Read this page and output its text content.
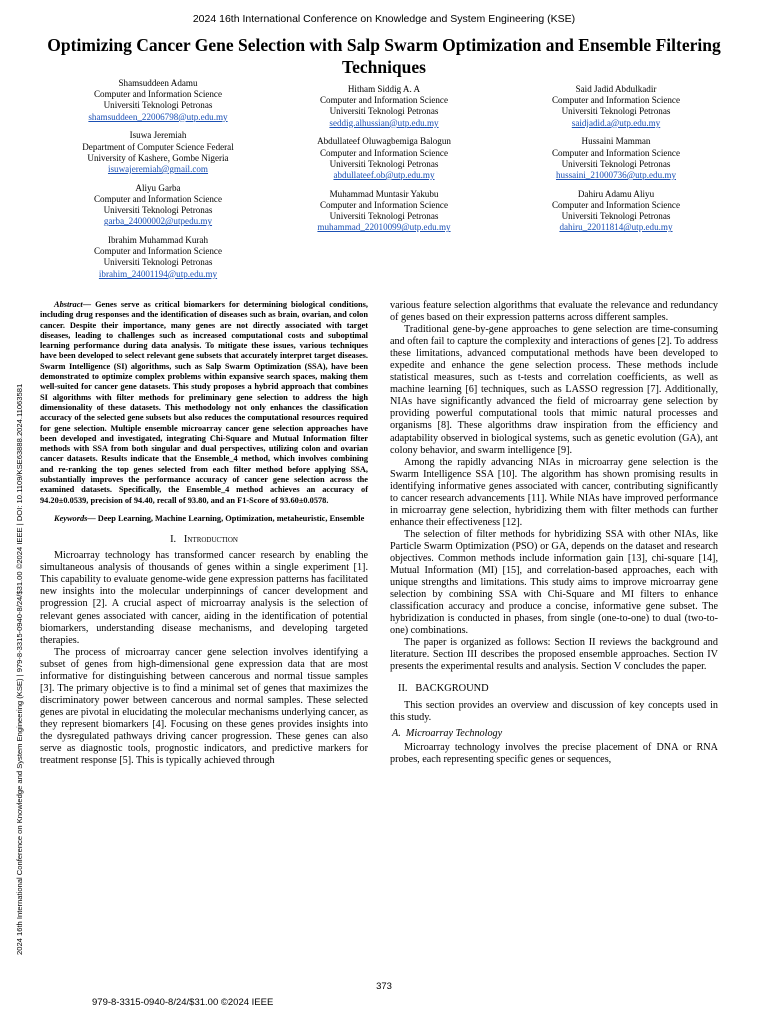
2024 16th International Conference on Knowledge and System Engineering (KSE)
Optimizing Cancer Gene Selection with Salp Swarm Optimization and Ensemble Filtering Techniques
Shamsuddeen Adamu
Computer and Information Science
Universiti Teknologi Petronas
shamsuddeen_22006798@utp.edu.my
Isuwa Jeremiah
Department of Computer Science Federal
University of Kashere, Gombe Nigeria
isuwajeremiah@gmail.com
Aliyu Garba
Computer and Information Science
Universiti Teknologi Petronas
garba_24000002@utpedu.my
Ibrahim Muhammad Kurah
Computer and Information Science
Universiti Teknologi Petronas
ibrahim_24001194@utp.edu.my
Hitham Siddig A. A
Computer and Information Science
Universiti Teknologi Petronas
seddig.alhussian@utp.edu.my
Abdullateef Oluwagbemiga Balogun
Computer and Information Science
Universiti Teknologi Petronas
abdullateef.ob@utp.edu.my
Muhammad Muntasir Yakubu
Computer and Information Science
Universiti Teknologi Petronas
muhammad_22010099@utp.edu.my
Said Jadid Abdulkadir
Computer and Information Science
Universiti Teknologi Petronas
saidjadid.a@utp.edu.my
Hussaini Mamman
Computer and Information Science
Universiti Teknologi Petronas
hussaini_21000736@utp.edu.my
Dahiru Adamu Aliyu
Computer and Information Science
Universiti Teknologi Petronas
dahiru_22011814@utp.edu.my
2024 16th International Conference on Knowledge and System Engineering (KSE) | 979-8-3315-0940-8/24/$31.00 ©2024 IEEE | DOI: 10.1109/KSE63888.2024.11063581

Abstract— Genes serve as critical biomarkers for determining biological conditions, including drug responses and the identification of diseases such as brain, ovarian, and colon cancer. Despite their importance, many genes are not directly associated with target diseases, leading to challenges such as increased computational costs and suboptimal learning performance during data analysis. To mitigate these issues, various techniques have been developed to select relevant gene subsets that accurately interpret target diseases. Swarm Intelligence (SI) algorithms, such as Salp Swarm Optimization (SSA), have been demonstrated to optimize complex problems within expansive search spaces, making them well-suited for cancer gene datasets. This study proposes a hybrid approach that combines SI algorithms with filter methods for preliminary gene selection to address the high dimensionality of these datasets. This methodology not only enhances the classification accuracy of the selected gene subsets but also reduces the computational resources required for gene selection. Multiple ensemble microarray cancer gene selection approaches have been developed and investigated, integrating Chi-Square and Mutual Information filter methods with SSA from both singular and dual perspectives, utilizing colon and ovarian cancer datasets. Results indicate that the Ensemble_4 method, which involves combining and re-ranking the top genes selected from each filter method before applying SSA, substantially improves the performance accuracy of cancer gene selection across the examined datasets. Specifically, the Ensemble_4 method achieves an accuracy of 94.20±0.0539, precision of 94.40, recall of 93.80, and an F1-Score of 93.60±0.0578.

Keywords— Deep Learning, Machine Learning, Optimization, metaheuristic, Ensemble

I. Introduction

Microarray technology has transformed cancer research by enabling the simultaneous analysis of thousands of genes within a single experiment [1]. This capability to evaluate genome-wide gene expression patterns has facilitated new insights into the molecular underpinnings of cancer development and progression [2]. A crucial aspect of microarray analysis is the selection of relevant genes associated with cancer, aiding in the identification of potential biomarkers, understanding disease mechanisms, and developing targeted therapies.

The process of microarray cancer gene selection involves identifying a subset of genes from high-dimensional gene expression data that are most informative for distinguishing between cancerous and normal tissue samples [3]. The primary objective is to find a minimal set of genes that maximizes the discriminatory power between cancerous and normal samples. These selected genes are pivotal in elucidating the molecular mechanisms underlying cancer, as they represent biomarkers [4]. Focusing on these genes provides insights into the dysregulated pathways driving cancer progression. These genes can also serve as diagnostic tools, prognostic indicators, and predictive markers for treatment response [5]. This is typically achieved through

various feature selection algorithms that evaluate the relevance and redundancy of genes based on their expression patterns across different samples.

Traditional gene-by-gene approaches to gene selection are time-consuming and often fail to capture the complexity and interactions of genes [2]. To address these limitations, advanced computational methods have been developed to expedite and enhance the gene selection process. These methods include statistical measures, such as t-tests and correlation coefficients, as well as machine learning [6] techniques, such as LASSO regression [7]. Additionally, NIAs have significantly advanced the field of microarray gene selection by providing powerful computational tools that mimic natural processes and organisms [8]. These algorithms draw inspiration from the efficiency and adaptability observed in biological systems, such as genetic evolution (GA), ant colony behavior, and swarm intelligence [9].

Among the rapidly advancing NIAs in microarray gene selection is the Swarm Intelligence SSA [10]. The algorithm has shown promising results in identifying informative genes associated with cancer, contributing significantly to cancer research advancements [11]. While NIAs have improved performance in microarray gene selection, hybridizing them with filter methods can further enhance their effectiveness [12].

The selection of filter methods for hybridizing SSA with other NIAs, like Particle Swarm Optimization (PSO) or GA, depends on the dataset and research objectives. Common methods include information gain [13], chi-square [14], Mutual Information (MI) [15], and correlation-based approaches, each with unique strengths and limitations. This study aims to improve microarray gene selection by combining SSA with Chi-Square and MI filters to enhance classification accuracy and produce a concise, informative gene subset. The hybridization is conducted in phases, from single (one-to-one) to dual (two-to-one) combinations.

The paper is organized as follows: Section II reviews the background and literature. Section III describes the proposed ensemble approaches. Section IV presents the experimental results and analysis. Section V concludes the paper.

II. BACKGROUND

This section provides an overview and discussion of key concepts used in this study.

A. Microarray Technology

Microarray technology involves the precise placement of DNA or RNA probes, each representing specific genes or sequences,

373
979-8-3315-0940-8/24/$31.00 ©2024 IEEE
